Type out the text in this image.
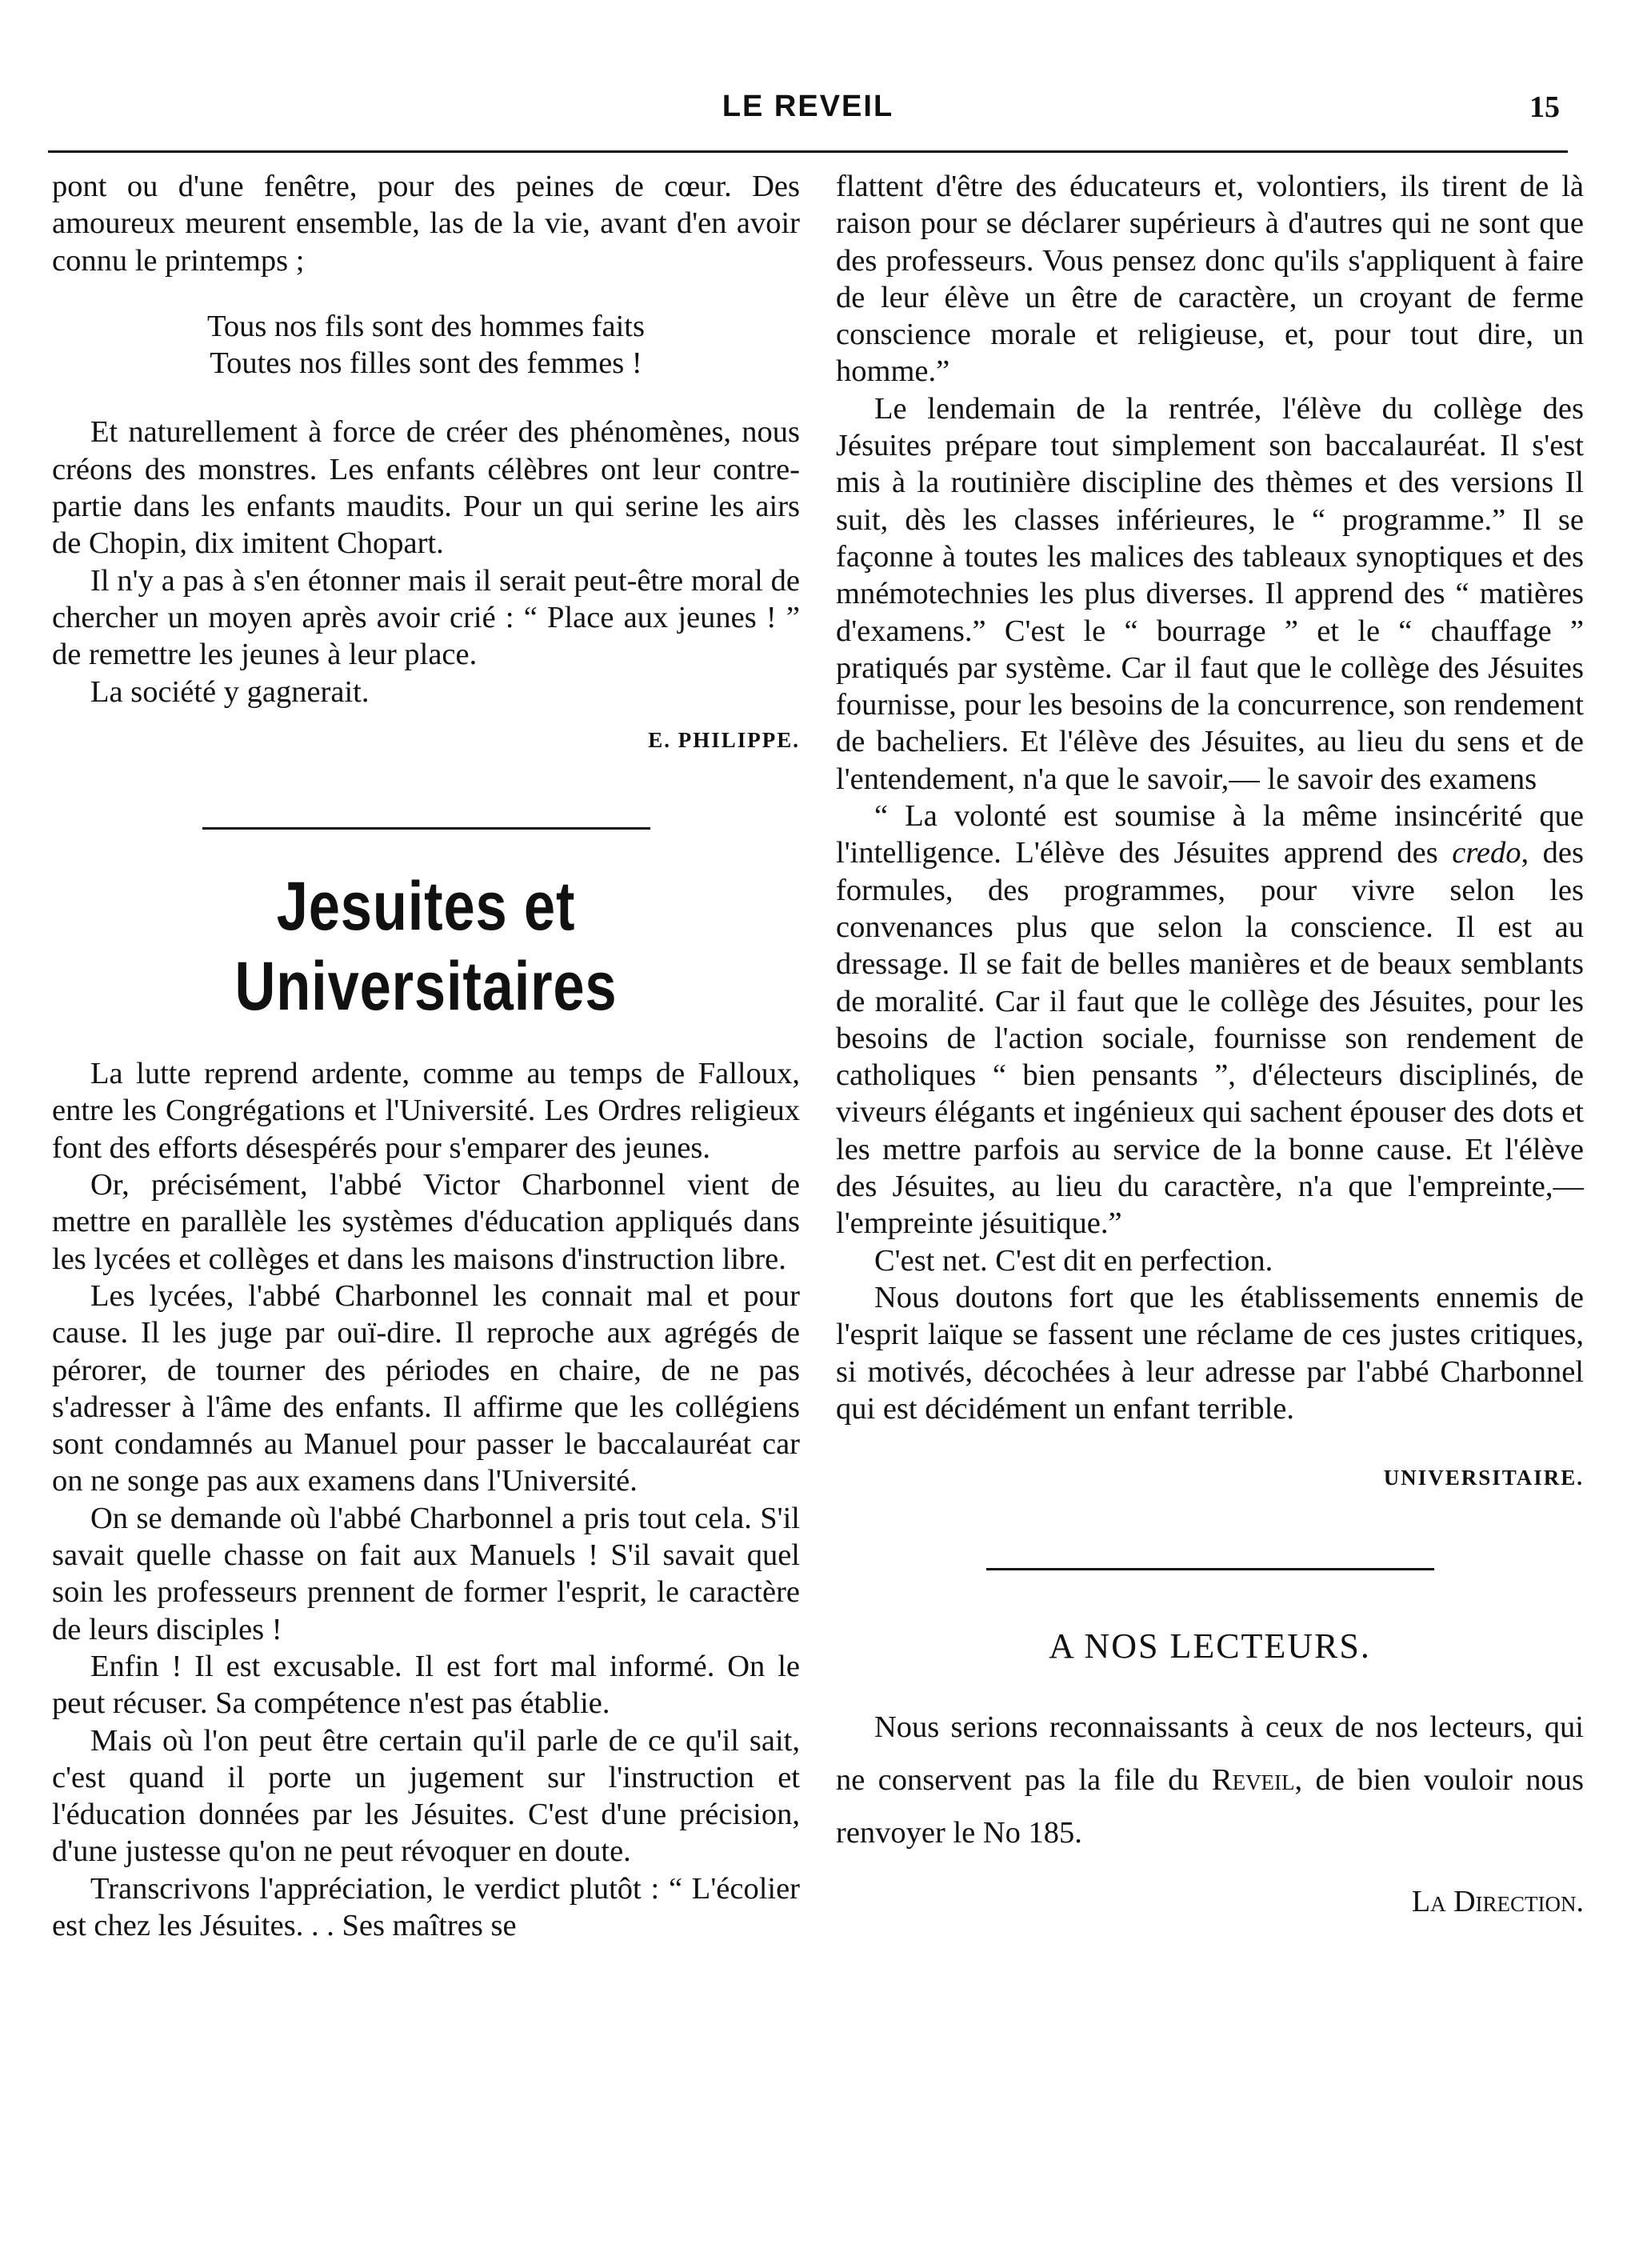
LE REVEIL	15

pont ou d'une fenêtre, pour des peines de cœur. Des amoureux meurent ensemble, las de la vie, avant d'en avoir connu le printemps ;

Tous nos fils sont des hommes faits
Toutes nos filles sont des femmes !

Et naturellement à force de créer des phénomènes, nous créons des monstres. Les enfants célèbres ont leur contre-partie dans les enfants maudits. Pour un qui serine les airs de Chopin, dix imitent Chopart.

Il n'y a pas à s'en étonner mais il serait peut-être moral de chercher un moyen après avoir crié : “ Place aux jeunes ! ” de remettre les jeunes à leur place.

La société y gagnerait.

E. PHILIPPE.

Jesuites et Universitaires

La lutte reprend ardente, comme au temps de Falloux, entre les Congrégations et l'Université. Les Ordres religieux font des efforts désespérés pour s'emparer des jeunes.

Or, précisément, l'abbé Victor Charbonnel vient de mettre en parallèle les systèmes d'éducation appliqués dans les lycées et collèges et dans les maisons d'instruction libre.

Les lycées, l'abbé Charbonnel les connait mal et pour cause. Il les juge par ouï-dire. Il reproche aux agrégés de pérorer, de tourner des périodes en chaire, de ne pas s'adresser à l'âme des enfants. Il affirme que les collégiens sont condamnés au Manuel pour passer le baccalauréat car on ne songe pas aux examens dans l'Université.

On se demande où l'abbé Charbonnel a pris tout cela. S'il savait quelle chasse on fait aux Manuels ! S'il savait quel soin les professeurs prennent de former l'esprit, le caractère de leurs disciples !

Enfin ! Il est excusable. Il est fort mal informé. On le peut récuser. Sa compétence n'est pas établie.

Mais où l'on peut être certain qu'il parle de ce qu'il sait, c'est quand il porte un jugement sur l'instruction et l'éducation données par les Jésuites. C'est d'une précision, d'une justesse qu'on ne peut révoquer en doute.

Transcrivons l'appréciation, le verdict plutôt : “ L'écolier est chez les Jésuites. . . Ses maîtres se

flattent d'être des éducateurs et, volontiers, ils tirent de là raison pour se déclarer supérieurs à d'autres qui ne sont que des professeurs. Vous pensez donc qu'ils s'appliquent à faire de leur élève un être de caractère, un croyant de ferme conscience morale et religieuse, et, pour tout dire, un homme.”

Le lendemain de la rentrée, l'élève du collège des Jésuites prépare tout simplement son baccalauréat. Il s'est mis à la routinière discipline des thèmes et des versions Il suit, dès les classes inférieures, le “ programme.” Il se façonne à toutes les malices des tableaux synoptiques et des mnémotechnies les plus diverses. Il apprend des “ matières d'examens.” C'est le “ bourrage ” et le “ chauffage ” pratiqués par système. Car il faut que le collège des Jésuites fournisse, pour les besoins de la concurrence, son rendement de bacheliers. Et l'élève des Jésuites, au lieu du sens et de l'entendement, n'a que le savoir,— le savoir des examens

“ La volonté est soumise à la même insincérité que l'intelligence. L'élève des Jésuites apprend des credo, des formules, des programmes, pour vivre selon les convenances plus que selon la conscience. Il est au dressage. Il se fait de belles manières et de beaux semblants de moralité. Car il faut que le collège des Jésuites, pour les besoins de l'action sociale, fournisse son rendement de catholiques “ bien pensants ”, d'électeurs disciplinés, de viveurs élégants et ingénieux qui sachent épouser des dots et les mettre parfois au service de la bonne cause. Et l'élève des Jésuites, au lieu du caractère, n'a que l'empreinte,— l'empreinte jésuitique.”

C'est net. C'est dit en perfection.

Nous doutons fort que les établissements ennemis de l'esprit laïque se fassent une réclame de ces justes critiques, si motivés, décochées à leur adresse par l'abbé Charbonnel qui est décidément un enfant terrible.

UNIVERSITAIRE.

A NOS LECTEURS.

Nous serions reconnaissants à ceux de nos lecteurs, qui ne conservent pas la file du Reveil, de bien vouloir nous renvoyer le No 185.

La Direction.
